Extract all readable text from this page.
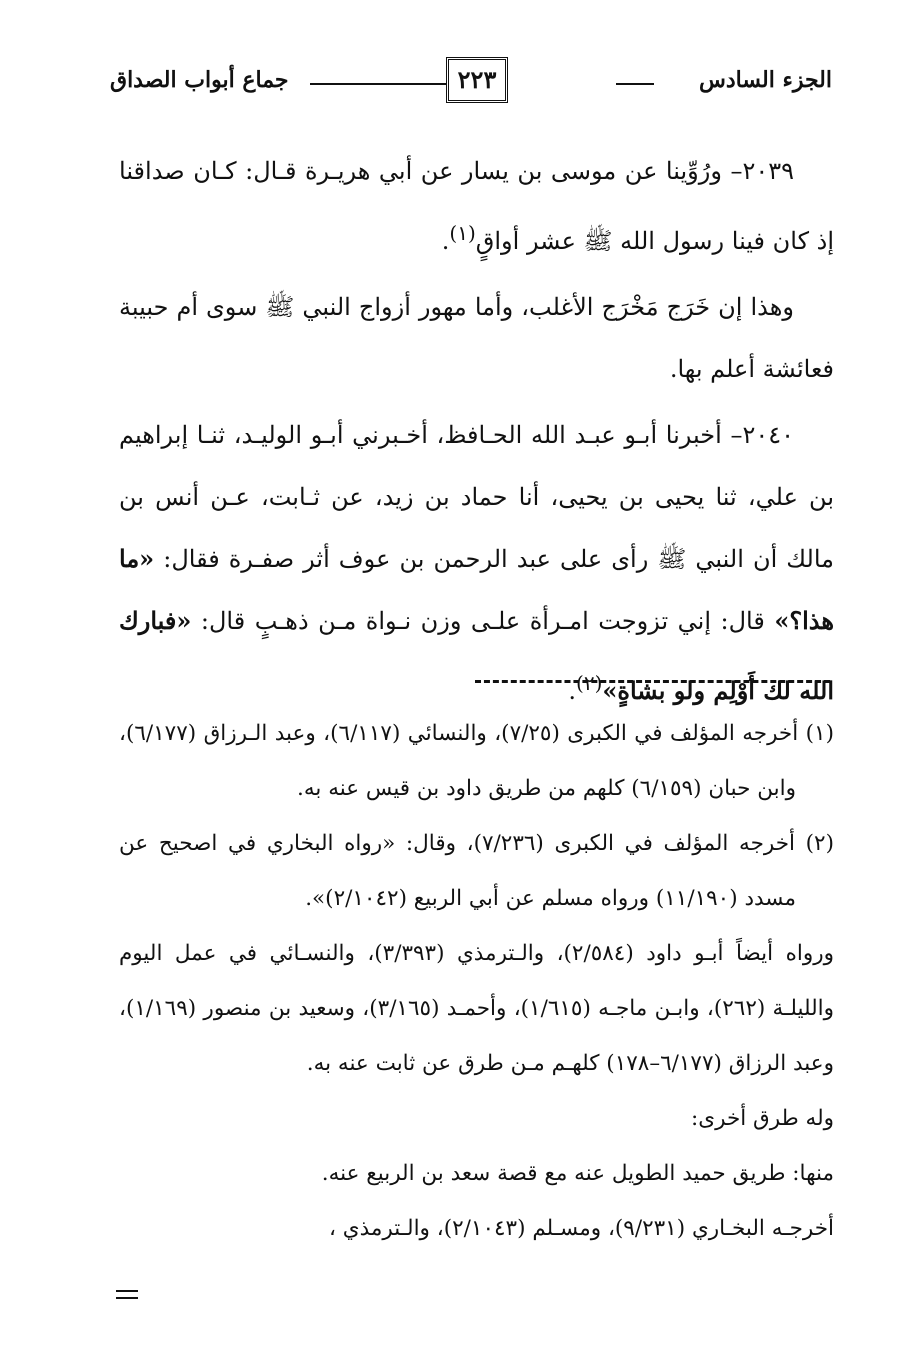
الجزء السادس
٢٢٣
جماع أبواب الصداق

٢٠٣٩– ورُوِّينا عن موسى بن يسار عن أبي هريـرة قـال: كـان صداقنا إذ كان فينا رسول الله ﷺ عشر أواقٍ$^{(١)}$.

وهذا إن خَرَج مَخْرَج الأغلب، وأما مهور أزواج النبي ﷺ سوى أم حبيبة فعائشة أعلم بها.

٢٠٤٠– أخبرنا أبـو عبـد الله الحـافظ، أخـبرني أبـو الوليـد، ثنـا إبراهيم بن علي، ثنا يحيى بن يحيى، أنا حماد بن زيد، عن ثـابت، عـن أنس بن مالك أن النبي ﷺ رأى على عبد الرحمن بن عوف أثر صفـرة فقال: «ما هذا؟» قال: إني تزوجت امـرأة علـى وزن نـواة مـن ذهـبٍ قال: «فبارك الله لك أَوْلِم ولو بشاةٍ»$^{(٢)}$.

(١) أخرجه المؤلف في الكبرى (٧/٢٥)، والنسائي (٦/١١٧)، وعبد الـرزاق (٦/١٧٧)، وابن حبان (٦/١٥٩) كلهم من طريق داود بن قيس عنه به.

(٢) أخرجه المؤلف في الكبرى (٧/٢٣٦)، وقال: «رواه البخاري في اصحيح عن مسدد (١١/١٩٠) ورواه مسلم عن أبي الربيع (٢/١٠٤٢)».

ورواه أيضاً أبـو داود (٢/٥٨٤)، والـترمذي (٣/٣٩٣)، والنسـائي في عمل اليوم والليلـة (٢٦٢)، وابـن ماجـه (١/٦١٥)، وأحمـد (٣/١٦٥)، وسعيد بن منصور (١/١٦٩)، وعبد الرزاق (٦/١٧٧–١٧٨) كلهـم مـن طرق عن ثابت عنه به.

وله طرق أخرى:

منها: طريق حميد الطويل عنه مع قصة سعد بن الربيع عنه.

أخرجـه البخـاري (٩/٢٣١)، ومسـلم (٢/١٠٤٣)، والـترمذي ،
